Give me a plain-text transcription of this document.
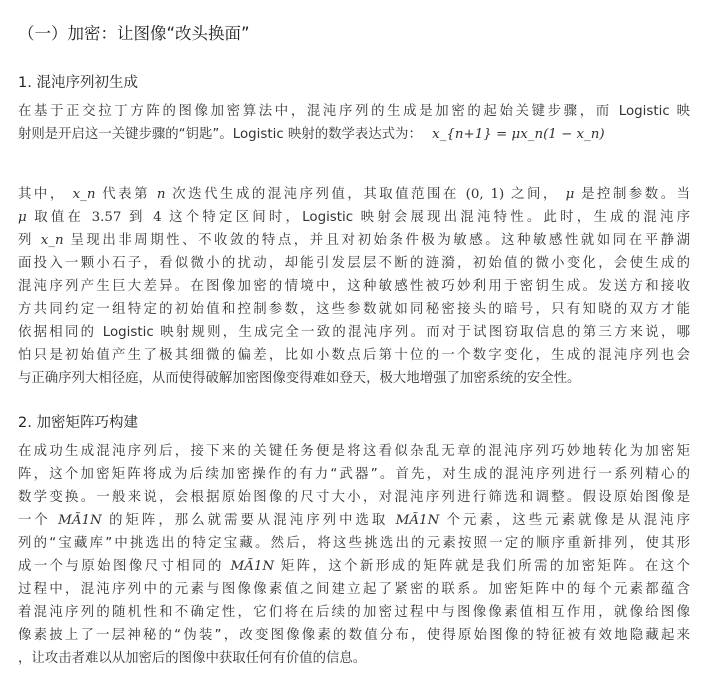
（一）加密：让图像“改头换面”
1. 混沌序列初生成
在基于正交拉丁方阵的图像加密算法中，混沌序列的生成是加密的起始关键步骤，而 Logistic 映
射则是开启这一关键步骤的“钥匙”。Logistic 映射的数学表达式为： x_{n+1} = μx_n(1 − x_n)
其中， x_n 代表第 n 次迭代生成的混沌序列值，其取值范围在 (0, 1) 之间， μ 是控制参数。当
μ 取值在 3.57 到 4 这个特定区间时，Logistic 映射会展现出混沌特性。此时，生成的混沌序
列 x_n 呈现出非周期性、不收敛的特点，并且对初始条件极为敏感。这种敏感性就如同在平静湖
面投入一颗小石子，看似微小的扰动，却能引发层层不断的涟漪，初始值的微小变化，会使生成的
混沌序列产生巨大差异。在图像加密的情境中，这种敏感性被巧妙利用于密钥生成。发送方和接收
方共同约定一组特定的初始值和控制参数，这些参数就如同秘密接头的暗号，只有知晓的双方才能
依据相同的 Logistic 映射规则，生成完全一致的混沌序列。而对于试图窃取信息的第三方来说，哪
怕只是初始值产生了极其细微的偏差，比如小数点后第十位的一个数字变化，生成的混沌序列也会
与正确序列大相径庭，从而使得破解加密图像变得难如登天，极大地增强了加密系统的安全性。
2. 加密矩阵巧构建
在成功生成混沌序列后，接下来的关键任务便是将这看似杂乱无章的混沌序列巧妙地转化为加密矩
阵，这个加密矩阵将成为后续加密操作的有力“武器”。首先，对生成的混沌序列进行一系列精心的
数学变换。一般来说，会根据原始图像的尺寸大小，对混沌序列进行筛选和调整。假设原始图像是
一个 MÃ1N 的矩阵，那么就需要从混沌序列中选取 MÃ1N 个元素，这些元素就像是从混沌序
列的“宝藏库”中挑选出的特定宝藏。然后，将这些挑选出的元素按照一定的顺序重新排列，使其形
成一个与原始图像尺寸相同的 MÃ1N 矩阵，这个新形成的矩阵就是我们所需的加密矩阵。在这个
过程中，混沌序列中的元素与图像像素值之间建立起了紧密的联系。加密矩阵中的每个元素都蕴含
着混沌序列的随机性和不确定性，它们将在后续的加密过程中与图像像素值相互作用，就像给图像
像素披上了一层神秘的“伪装”，改变图像像素的数值分布，使得原始图像的特征被有效地隐藏起来
，让攻击者难以从加密后的图像中获取任何有价值的信息。
